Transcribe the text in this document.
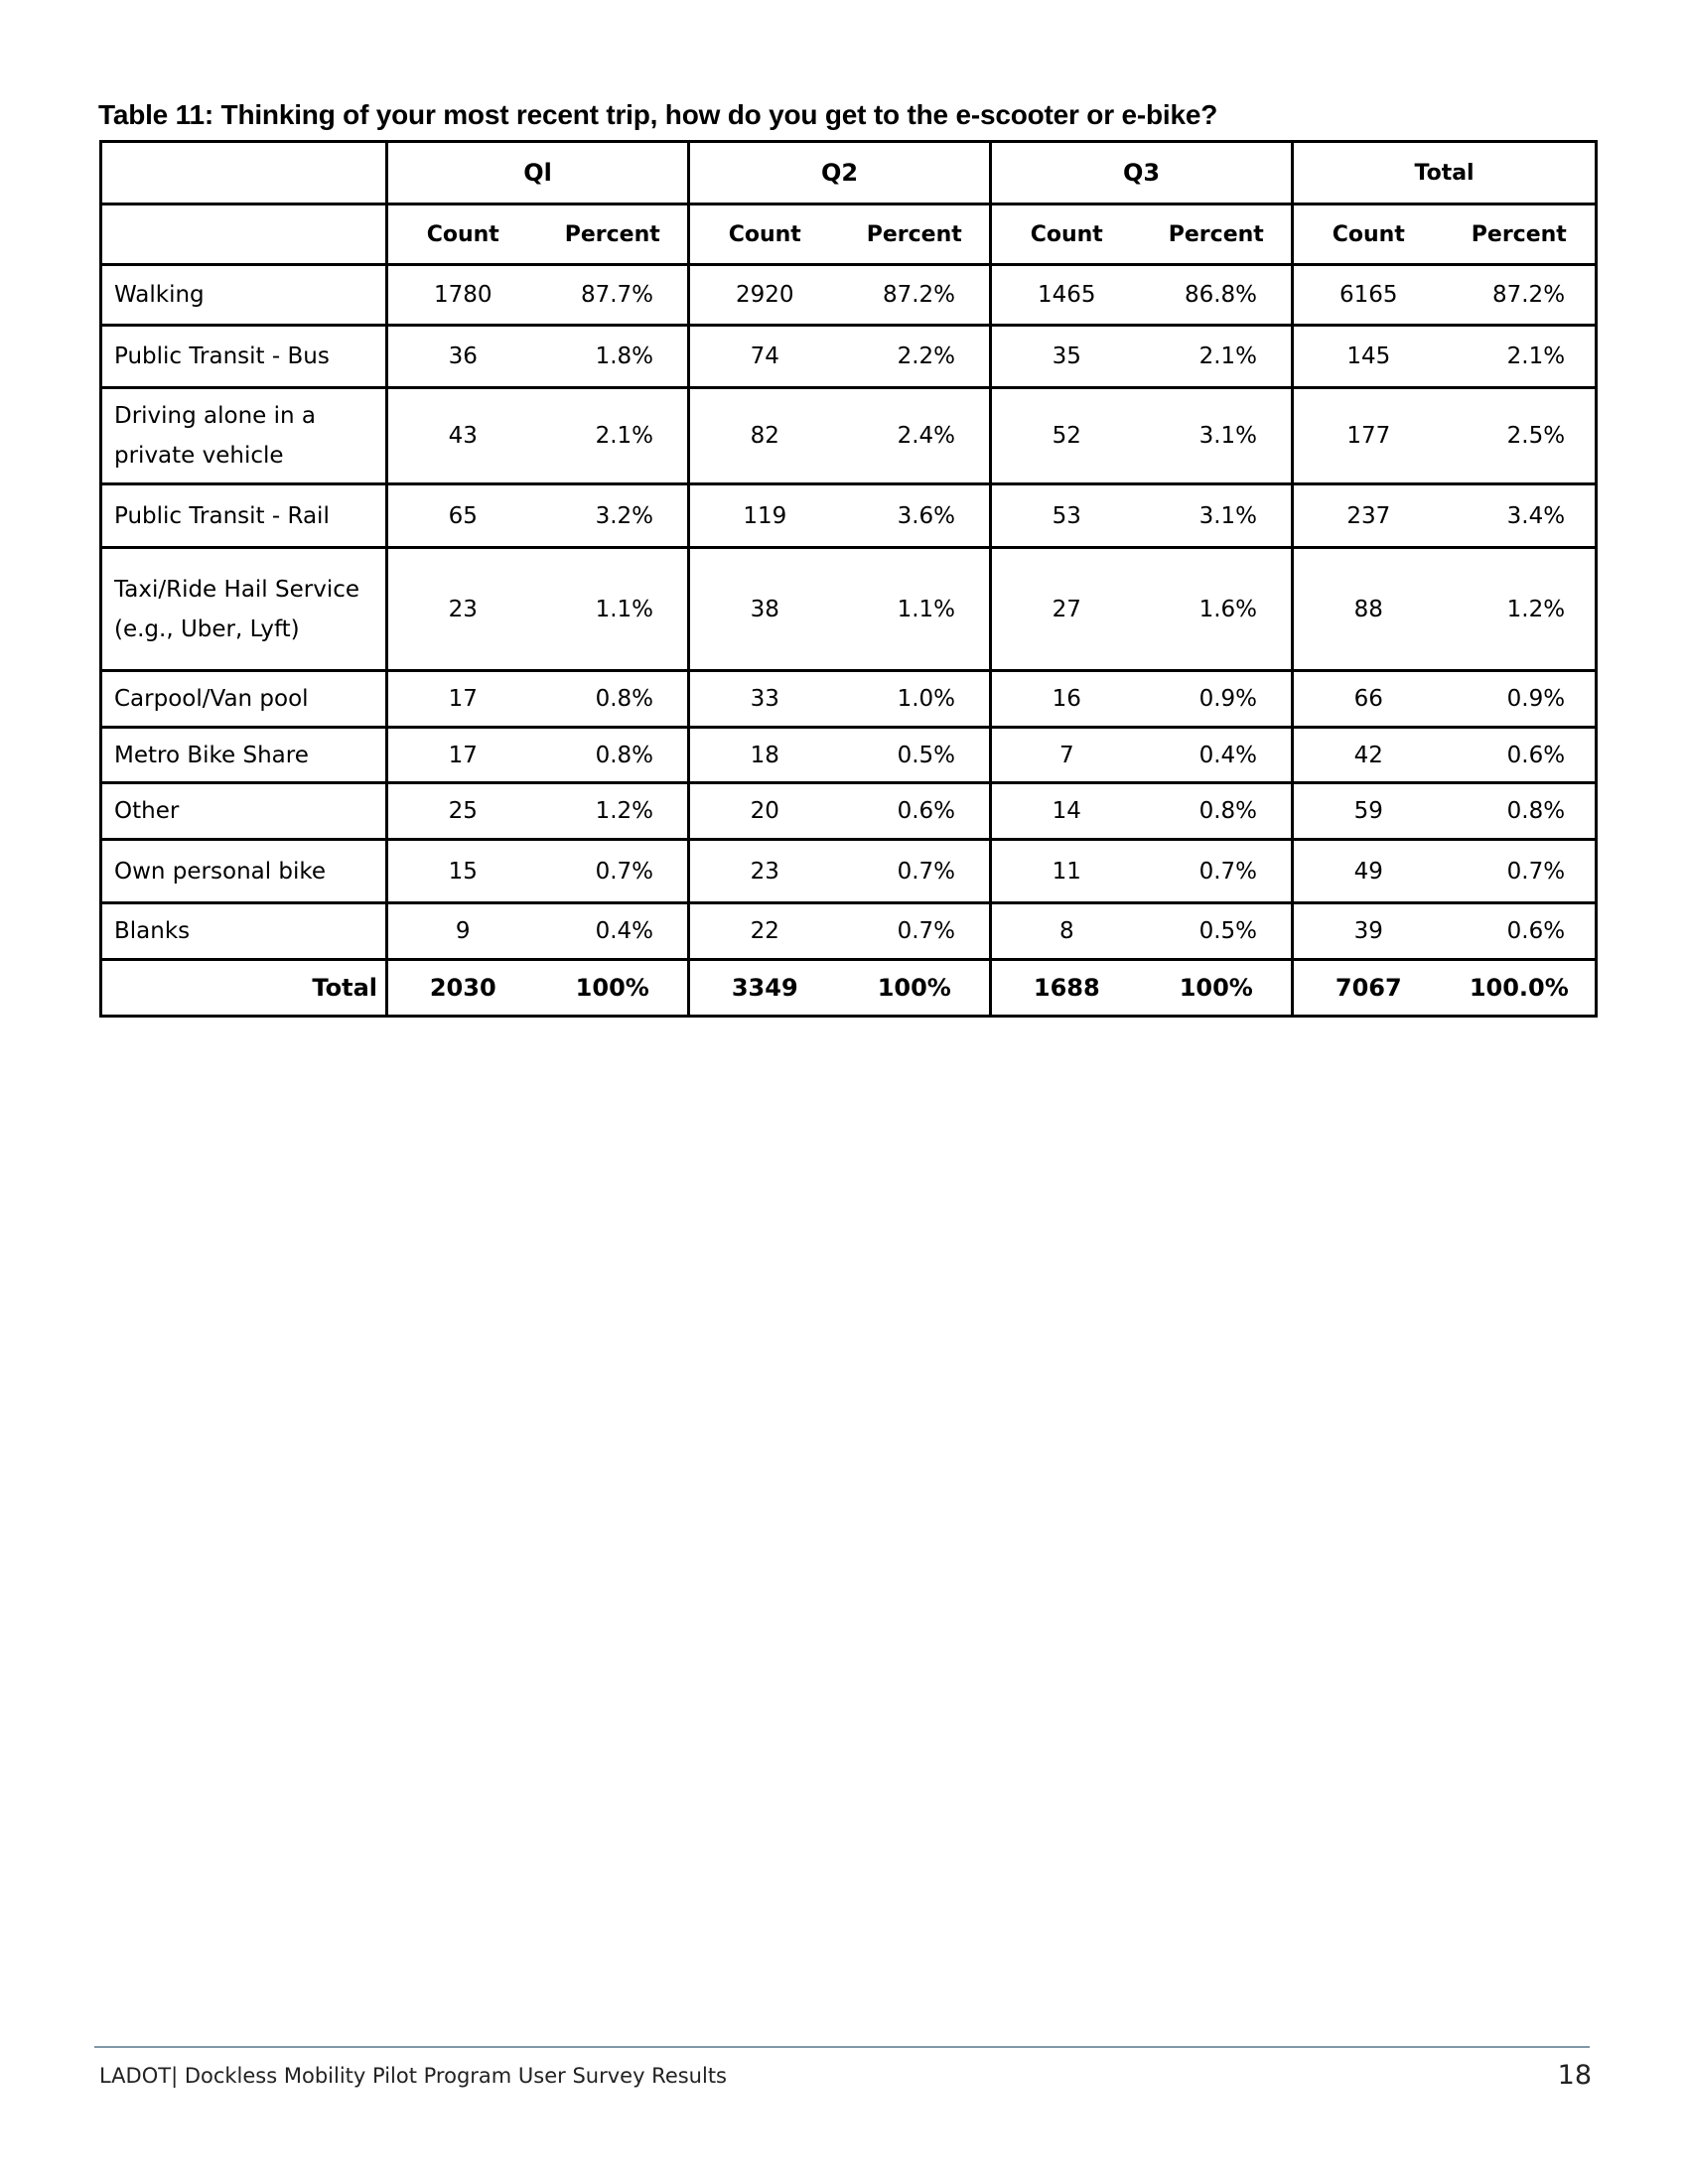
Table 11: Thinking of your most recent trip, how do you get to the e-scooter or e-bike?
	Ql		Q2		Q3		Total	
	Count	Percent	Count	Percent	Count	Percent	Count	Percent
Walking	1780	87.7%	2920	87.2%	1465	86.8%	6165	87.2%
Public Transit - Bus	36	1.8%	74	2.2%	35	2.1%	145	2.1%
Driving alone in a private vehicle	43	2.1%	82	2.4%	52	3.1%	177	2.5%
Public Transit - Rail	65	3.2%	119	3.6%	53	3.1%	237	3.4%
Taxi/Ride Hail Service (e.g., Uber, Lyft)	23	1.1%	38	1.1%	27	1.6%	88	1.2%
Carpool/Van pool	17	0.8%	33	1.0%	16	0.9%	66	0.9%
Metro Bike Share	17	0.8%	18	0.5%	7	0.4%	42	0.6%
Other	25	1.2%	20	0.6%	14	0.8%	59	0.8%
Own personal bike	15	0.7%	23	0.7%	11	0.7%	49	0.7%
Blanks	9	0.4%	22	0.7%	8	0.5%	39	0.6%
Total	2030	100%	3349	100%	1688	100%	7067	100.0%
LADOT| Dockless Mobility Pilot Program User Survey Results	18
